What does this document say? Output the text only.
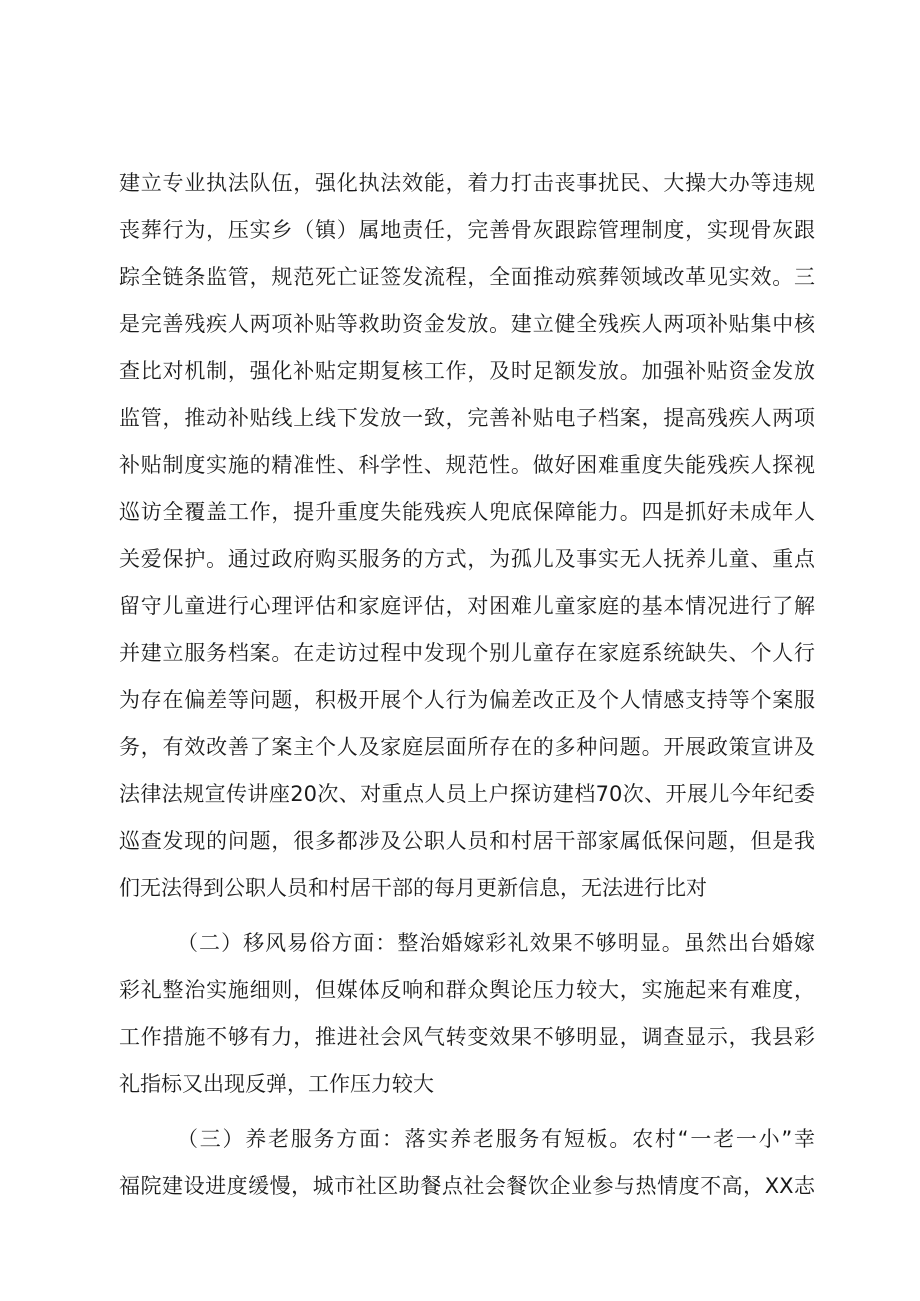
建立专业执法队伍，强化执法效能，着力打击丧事扰民、大操大办等违规
丧葬行为，压实乡（镇）属地责任，完善骨灰跟踪管理制度，实现骨灰跟
踪全链条监管，规范死亡证签发流程，全面推动殡葬领域改革见实效。三
是完善残疾人两项补贴等救助资金发放。建立健全残疾人两项补贴集中核
查比对机制，强化补贴定期复核工作，及时足额发放。加强补贴资金发放
监管，推动补贴线上线下发放一致，完善补贴电子档案，提高残疾人两项
补贴制度实施的精准性、科学性、规范性。做好困难重度失能残疾人探视
巡访全覆盖工作，提升重度失能残疾人兜底保障能力。四是抓好未成年人
关爱保护。通过政府购买服务的方式，为孤儿及事实无人抚养儿童、重点
留守儿童进行心理评估和家庭评估，对困难儿童家庭的基本情况进行了解
并建立服务档案。在走访过程中发现个别儿童存在家庭系统缺失、个人行
为存在偏差等问题，积极开展个人行为偏差改正及个人情感支持等个案服
务，有效改善了案主个人及家庭层面所存在的多种问题。开展政策宣讲及
法律法规宣传讲座20次、对重点人员上户探访建档70次、开展儿今年纪委
巡查发现的问题，很多都涉及公职人员和村居干部家属低保问题，但是我
们无法得到公职人员和村居干部的每月更新信息，无法进行比对
（二）移风易俗方面：整治婚嫁彩礼效果不够明显。虽然出台婚嫁
彩礼整治实施细则，但媒体反响和群众舆论压力较大，实施起来有难度，
工作措施不够有力，推进社会风气转变效果不够明显，调查显示，我县彩
礼指标又出现反弹，工作压力较大
（三）养老服务方面：落实养老服务有短板。农村“一老一小”幸
福院建设进度缓慢，城市社区助餐点社会餐饮企业参与热情度不高，XX志
